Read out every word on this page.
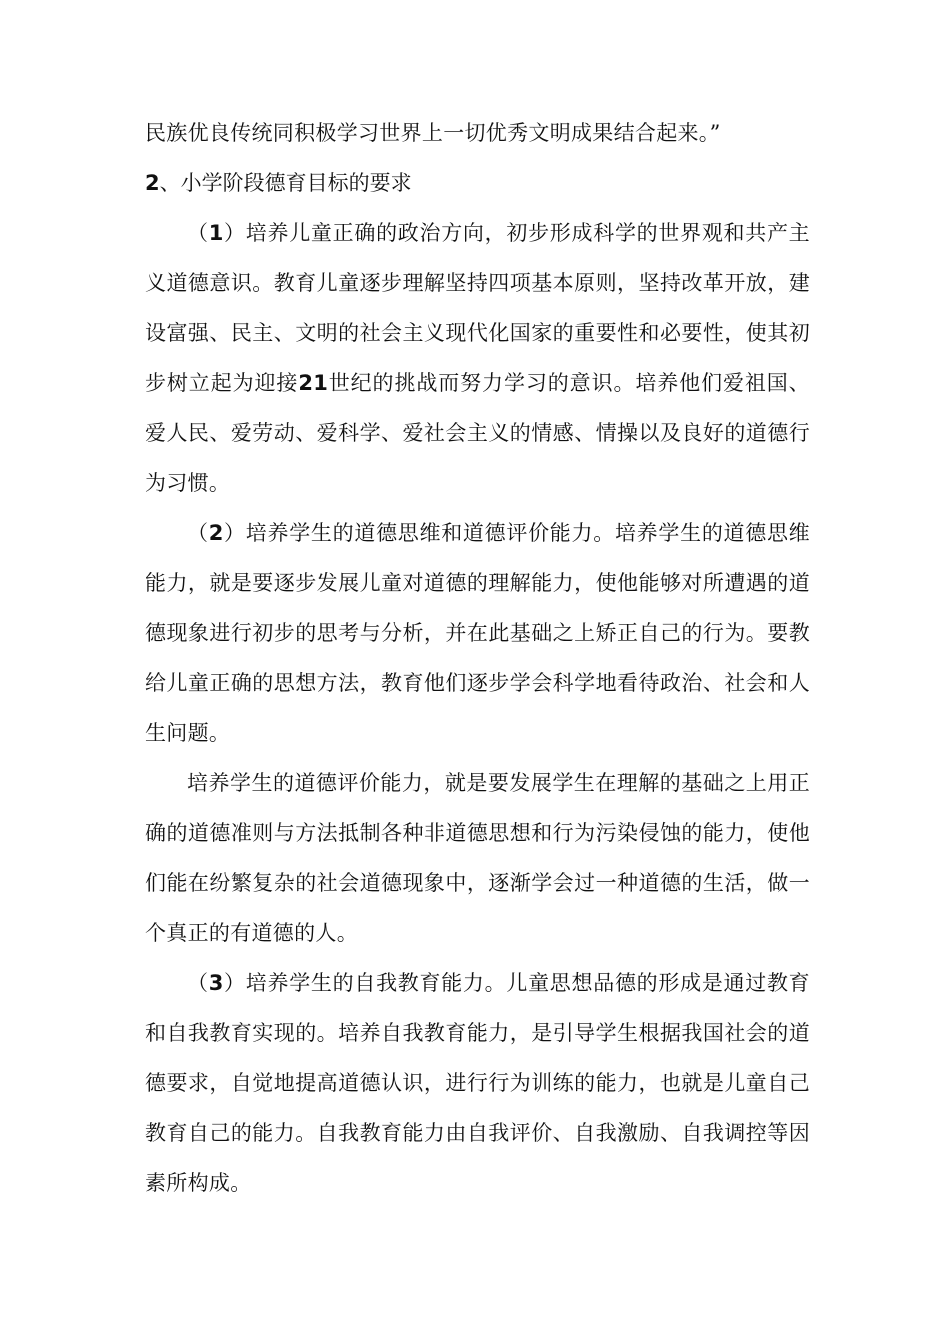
民族优良传统同积极学习世界上一切优秀文明成果结合起来。”

2、小学阶段德育目标的要求

（1）培养儿童正确的政治方向，初步形成科学的世界观和共产主义道德意识。教育儿童逐步理解坚持四项基本原则，坚持改革开放，建设富强、民主、文明的社会主义现代化国家的重要性和必要性，使其初步树立起为迎接21世纪的挑战而努力学习的意识。培养他们爱祖国、爱人民、爱劳动、爱科学、爱社会主义的情感、情操以及良好的道德行为习惯。

（2）培养学生的道德思维和道德评价能力。培养学生的道德思维能力，就是要逐步发展儿童对道德的理解能力，使他能够对所遭遇的道德现象进行初步的思考与分析，并在此基础之上矫正自己的行为。要教给儿童正确的思想方法，教育他们逐步学会科学地看待政治、社会和人生问题。

培养学生的道德评价能力，就是要发展学生在理解的基础之上用正确的道德准则与方法抵制各种非道德思想和行为污染侵蚀的能力，使他们能在纷繁复杂的社会道德现象中，逐渐学会过一种道德的生活，做一个真正的有道德的人。

（3）培养学生的自我教育能力。儿童思想品德的形成是通过教育和自我教育实现的。培养自我教育能力，是引导学生根据我国社会的道德要求，自觉地提高道德认识，进行行为训练的能力，也就是儿童自己教育自己的能力。自我教育能力由自我评价、自我激励、自我调控等因素所构成。
